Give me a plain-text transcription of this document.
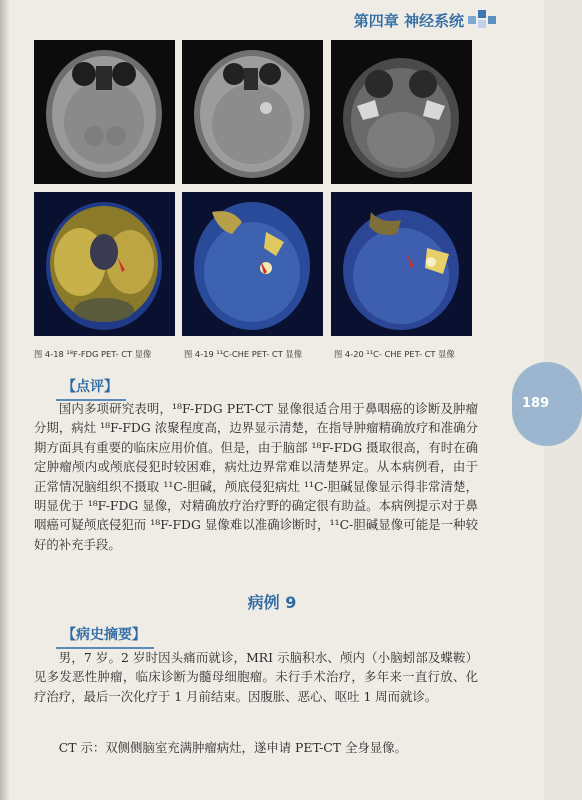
第四章 神经系统
图 4-18 ¹⁸F-FDG PET- CT 显像	图 4-19 ¹¹C-CHE PET- CT 显像	图 4-20 ¹¹C- CHE PET- CT 显像
189
【点评】
国内多项研究表明，¹⁸F-FDG PET-CT 显像很适合用于鼻咽癌的诊断及肿瘤分期，病灶 ¹⁸F-FDG 浓聚程度高，边界显示清楚，在指导肿瘤精确放疗和准确分期方面具有重要的临床应用价值。但是，由于脑部 ¹⁸F-FDG 摄取很高，有时在确定肿瘤颅内或颅底侵犯时较困难，病灶边界常难以清楚界定。从本病例看，由于正常情况脑组织不摄取 ¹¹C-胆碱，颅底侵犯病灶 ¹¹C-胆碱显像显示得非常清楚，明显优于 ¹⁸F-FDG 显像，对精确放疗治疗野的确定很有助益。本病例提示对于鼻咽癌可疑颅底侵犯而 ¹⁸F-FDG 显像难以准确诊断时，¹¹C-胆碱显像可能是一种较好的补充手段。
病例 9
【病史摘要】
男，7 岁。2 岁时因头痛而就诊，MRI 示脑积水、颅内（小脑蚓部及蝶鞍）见多发恶性肿瘤，临床诊断为髓母细胞瘤。未行手术治疗，多年来一直行放、化疗治疗，最后一次化疗于 1 月前结束。因腹胀、恶心、呕吐 1 周而就诊。
CT 示：双侧侧脑室充满肿瘤病灶，遂申请 PET-CT 全身显像。
